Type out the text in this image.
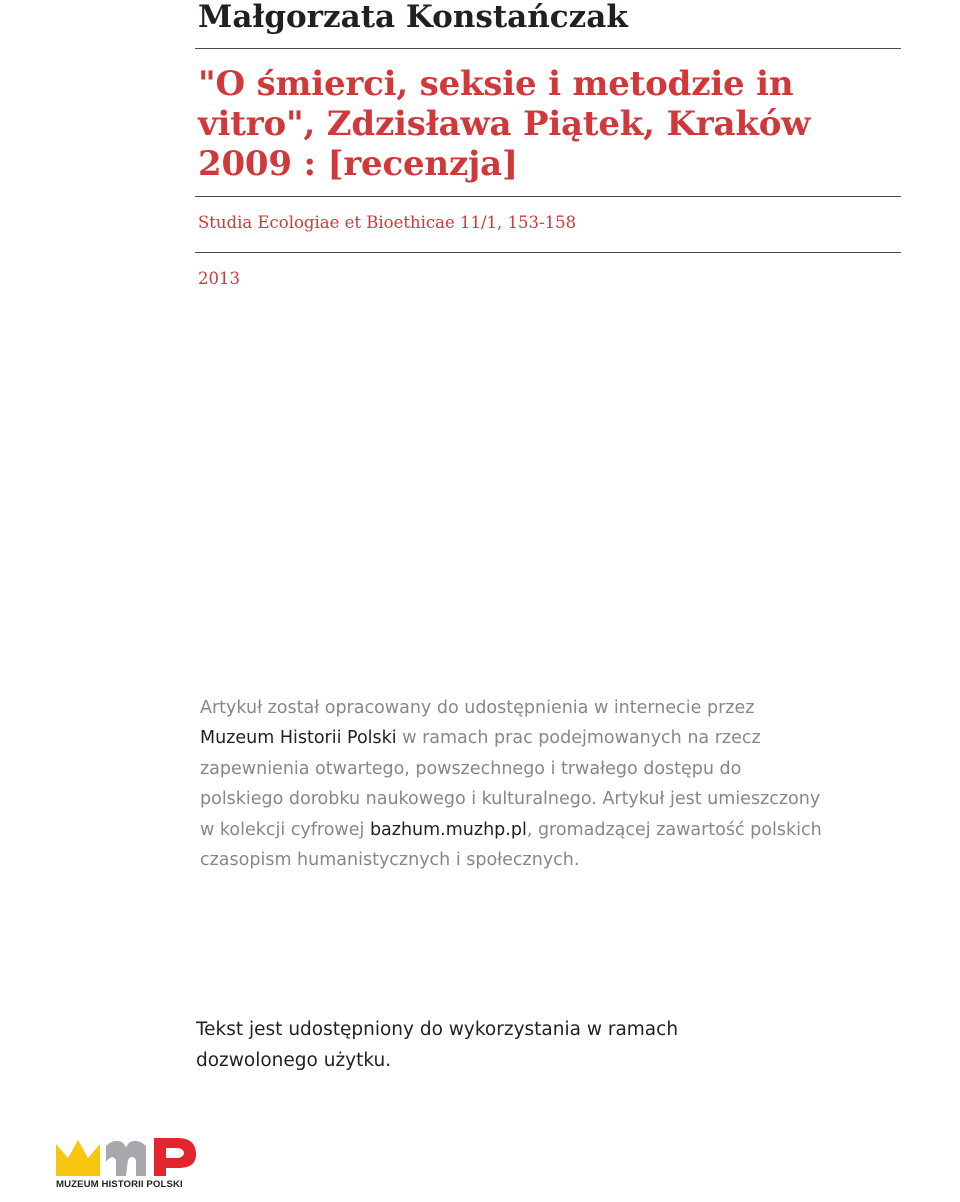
Małgorzata Konstańczak
"O śmierci, seksie i metodzie in vitro", Zdzisława Piątek, Kraków 2009 : [recenzja]

Studia Ecologiae et Bioethicae 11/1, 153-158

2013

Artykuł został opracowany do udostępnienia w internecie przez
Muzeum Historii Polski w ramach prac podejmowanych na rzecz
zapewnienia otwartego, powszechnego i trwałego dostępu do
polskiego dorobku naukowego i kulturalnego. Artykuł jest umieszczony
w kolekcji cyfrowej bazhum.muzhp.pl, gromadzącej zawartość polskich
czasopism humanistycznych i społecznych.
Tekst jest udostępniony do wykorzystania w ramach
dozwolonego użytku.
MUZEUM HISTORII POLSKI
